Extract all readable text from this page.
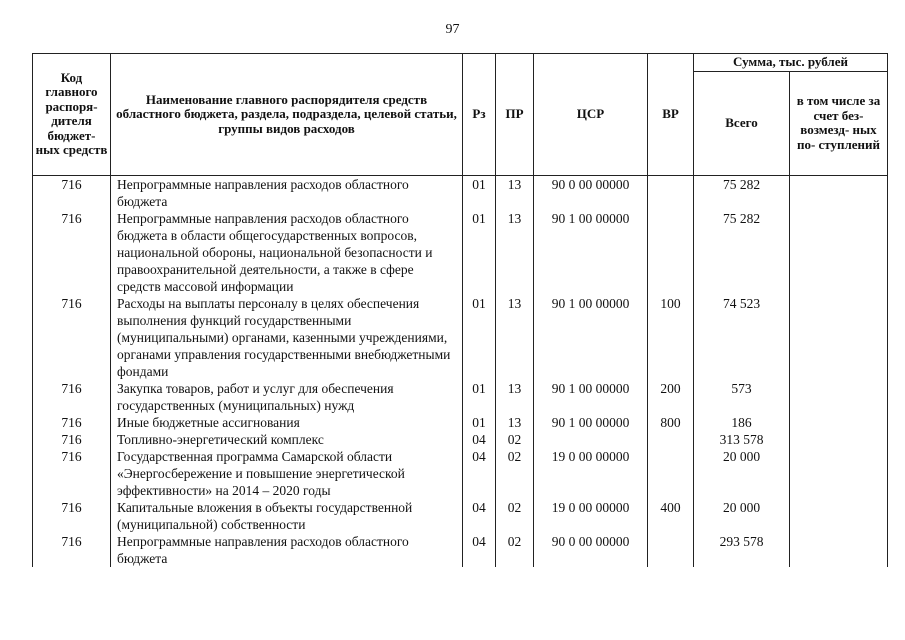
97
Код главного распоря- дителя бюджет- ных средств	Наименование главного распорядителя средств областного бюджета, раздела, подраздела, целевой статьи, группы видов расходов	Рз	ПР	ЦСР	ВР	Сумма, тыс. рублей	
						Всего	в том числе за счет без- возмезд- ных по- ступлений
716	Непрограммные направления расходов областного бюджета	01	13	90 0 00 00000		75 282	
716	Непрограммные направления расходов областного бюджета в области общегосударственных вопросов, национальной обороны, национальной безопасности и правоохранительной деятельности, а также в сфере средств массовой информации	01	13	90 1 00 00000		75 282	
716	Расходы на выплаты персоналу в целях обеспечения выполнения функций государственными (муниципальными) органами, казенными учреждениями, органами управления государственными внебюджетными фондами	01	13	90 1 00 00000	100	74 523	
716	Закупка товаров, работ и услуг для обеспечения государственных (муниципальных) нужд	01	13	90 1 00 00000	200	573	
716	Иные бюджетные ассигнования	01	13	90 1 00 00000	800	186	
716	Топливно-энергетический комплекс	04	02			313 578	
716	Государственная программа Самарской области «Энергосбережение и повышение энергетической эффективности» на 2014 – 2020 годы	04	02	19 0 00 00000		20 000	
716	Капитальные вложения в объекты государственной (муниципальной) собственности	04	02	19 0 00 00000	400	20 000	
716	Непрограммные направления расходов областного бюджета	04	02	90 0 00 00000		293 578	
